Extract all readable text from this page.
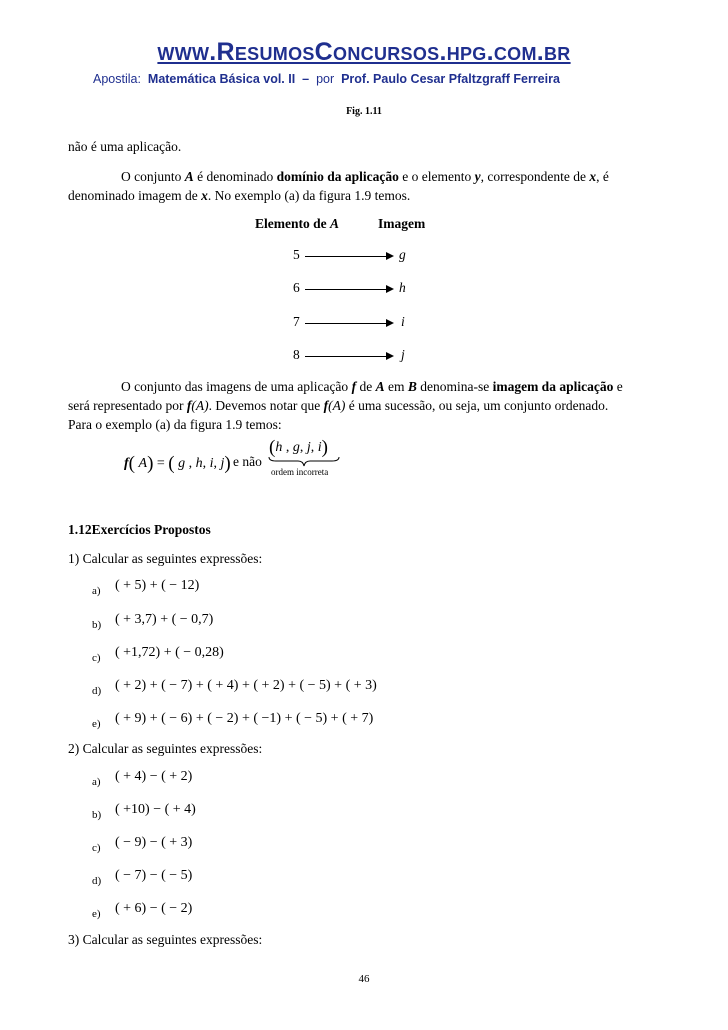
www.ResumosConcursos.hpg.com.br
Apostila: Matemática Básica vol. II – por Prof. Paulo Cesar Pfaltzgraff Ferreira
Fig. 1.11
não é uma aplicação.
O conjunto A é denominado domínio da aplicação e o elemento y, correspondente de x, é
denominado imagem de x. No exemplo (a) da figura 1.9 temos.
Elemento de A	Imagem
5	g
6	h
7	i
8	j
O conjunto das imagens de uma aplicação f de A em B denomina-se imagem da aplicação e
será representado por f(A). Devemos notar que f(A) é uma sucessão, ou seja, um conjunto ordenado.
Para o exemplo (a) da figura 1.9 temos:
f( A) = ( g , h, i, j) e não
(h , g, j, i)
ordem incorreta
1.12Exercícios Propostos
1) Calcular as seguintes expressões:
a) ( + 5) + ( − 12)
b) ( + 3,7) + ( − 0,7)
c) ( +1,72) + ( − 0,28)
d) ( + 2) + ( − 7) + ( + 4) + ( + 2) + ( − 5) + ( + 3)
e) ( + 9) + ( − 6) + ( − 2) + ( −1) + ( − 5) + ( + 7)
2) Calcular as seguintes expressões:
a) ( + 4) − ( + 2)
b) ( +10) − ( + 4)
c) ( − 9) − ( + 3)
d) ( − 7) − ( − 5)
e) ( + 6) − ( − 2)
3) Calcular as seguintes expressões:
46
